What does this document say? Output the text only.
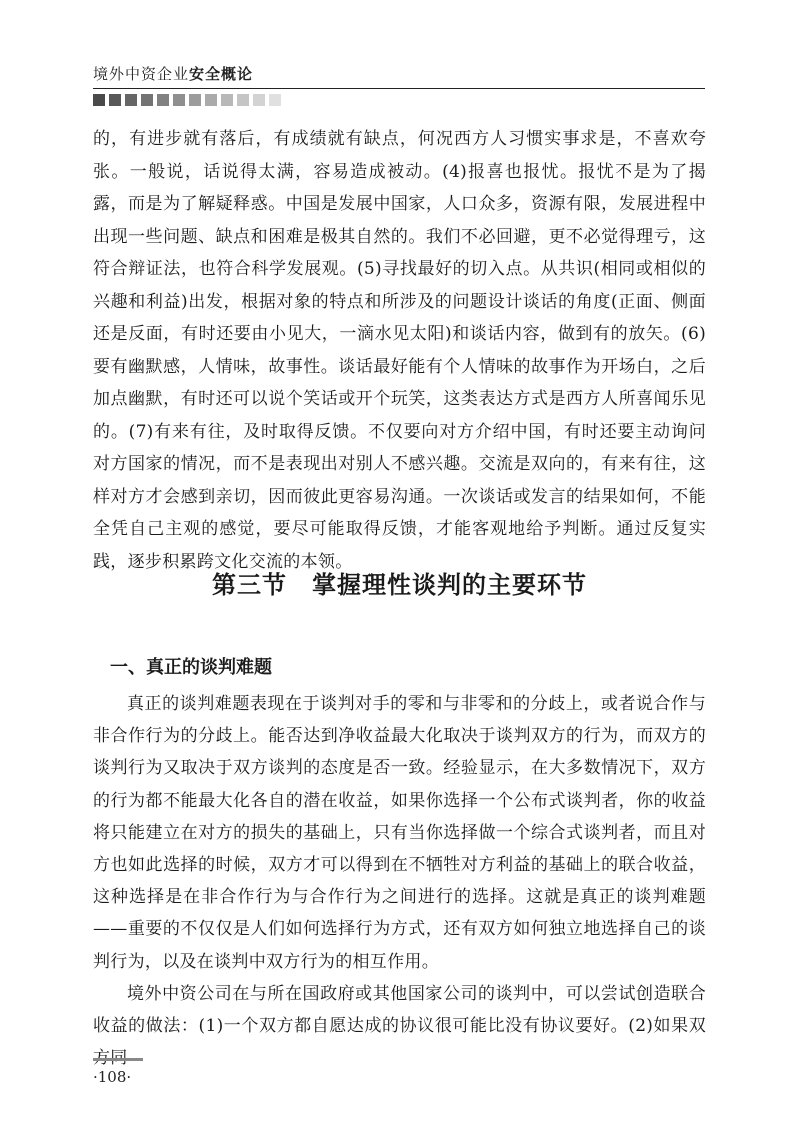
境外中资企业安全概论
的，有进步就有落后，有成绩就有缺点，何况西方人习惯实事求是，不喜欢夸张。一般说，话说得太满，容易造成被动。(4)报喜也报忧。报忧不是为了揭露，而是为了解疑释惑。中国是发展中国家，人口众多，资源有限，发展进程中出现一些问题、缺点和困难是极其自然的。我们不必回避，更不必觉得理亏，这符合辩证法，也符合科学发展观。(5)寻找最好的切入点。从共识(相同或相似的兴趣和利益)出发，根据对象的特点和所涉及的问题设计谈话的角度(正面、侧面还是反面，有时还要由小见大，一滴水见太阳)和谈话内容，做到有的放矢。(6)要有幽默感，人情味，故事性。谈话最好能有个人情味的故事作为开场白，之后加点幽默，有时还可以说个笑话或开个玩笑，这类表达方式是西方人所喜闻乐见的。(7)有来有往，及时取得反馈。不仅要向对方介绍中国，有时还要主动询问对方国家的情况，而不是表现出对别人不感兴趣。交流是双向的，有来有往，这样对方才会感到亲切，因而彼此更容易沟通。一次谈话或发言的结果如何，不能全凭自己主观的感觉，要尽可能取得反馈，才能客观地给予判断。通过反复实践，逐步积累跨文化交流的本领。
第三节　掌握理性谈判的主要环节
一、真正的谈判难题

真正的谈判难题表现在于谈判对手的零和与非零和的分歧上，或者说合作与非合作行为的分歧上。能否达到净收益最大化取决于谈判双方的行为，而双方的谈判行为又取决于双方谈判的态度是否一致。经验显示，在大多数情况下，双方的行为都不能最大化各自的潜在收益，如果你选择一个公布式谈判者，你的收益将只能建立在对方的损失的基础上，只有当你选择做一个综合式谈判者，而且对方也如此选择的时候，双方才可以得到在不牺牲对方利益的基础上的联合收益，这种选择是在非合作行为与合作行为之间进行的选择。这就是真正的谈判难题——重要的不仅仅是人们如何选择行为方式，还有双方如何独立地选择自己的谈判行为，以及在谈判中双方行为的相互作用。

境外中资公司在与所在国政府或其他国家公司的谈判中，可以尝试创造联合收益的做法：(1)一个双方都自愿达成的协议很可能比没有协议要好。(2)如果双

·108·
